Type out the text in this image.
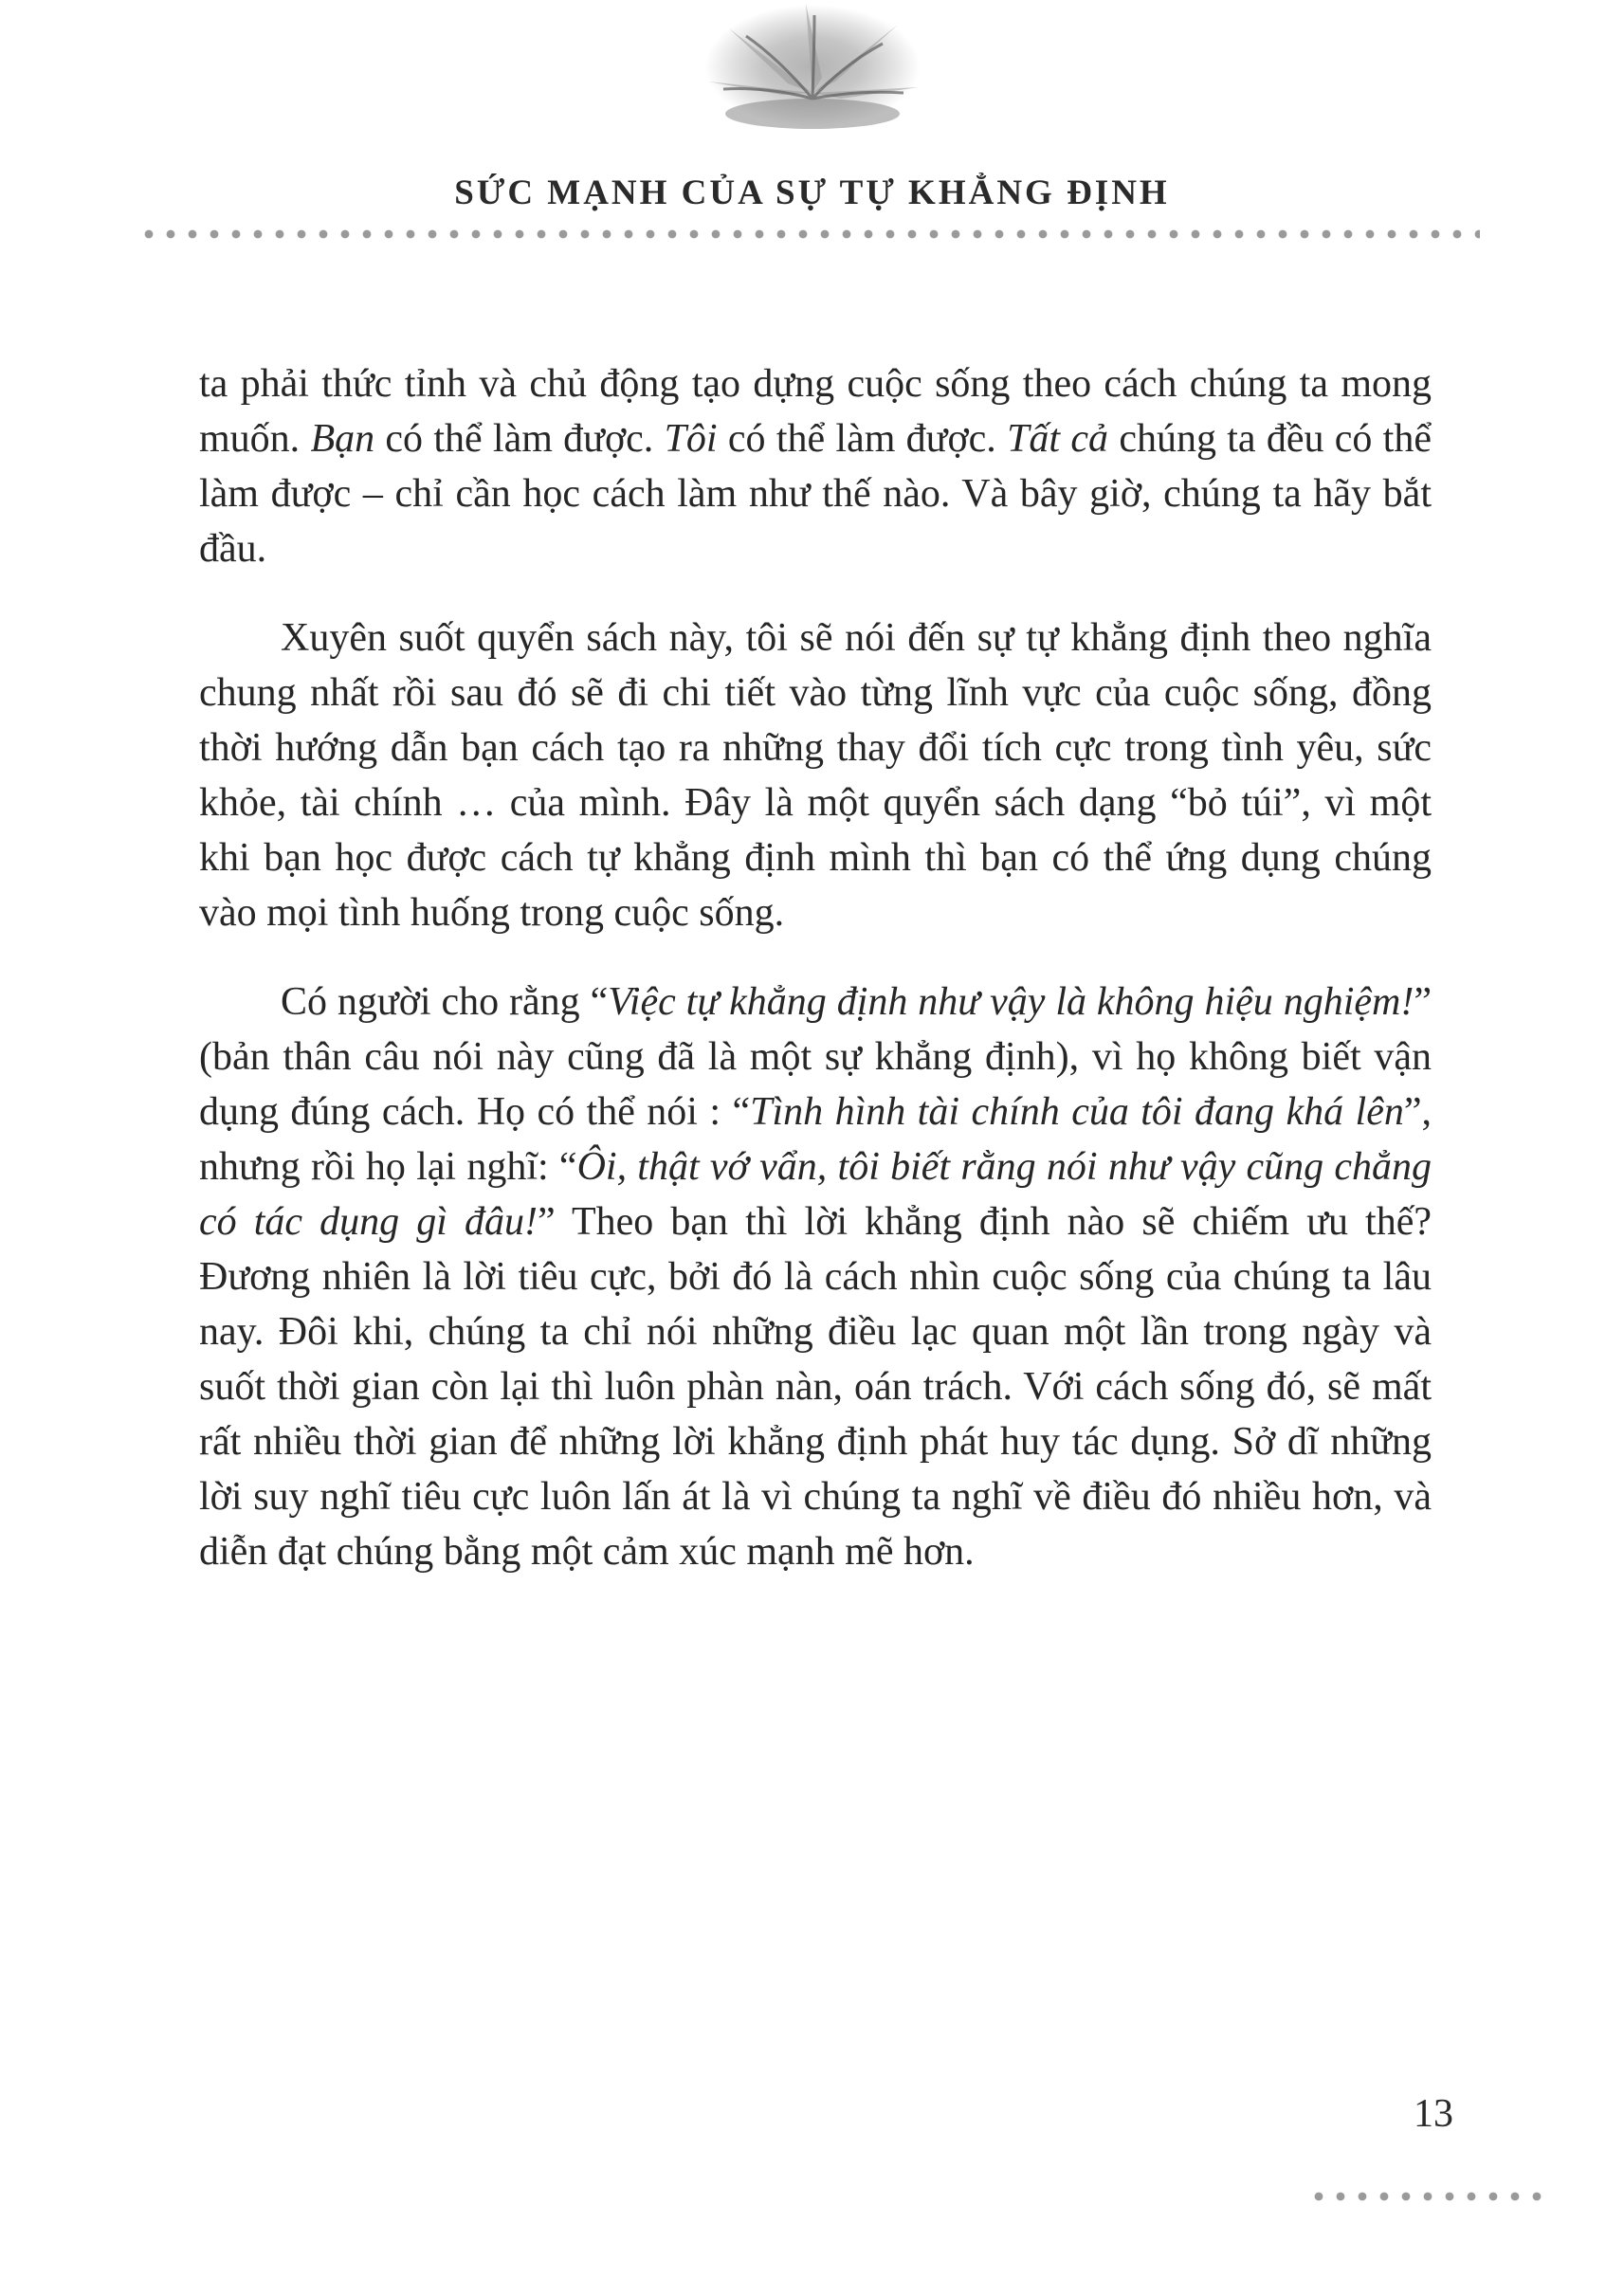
SỨC MẠNH CỦA SỰ TỰ KHẲNG ĐỊNH

ta phải thức tỉnh và chủ động tạo dựng cuộc sống theo cách chúng ta mong muốn. Bạn có thể làm được. Tôi có thể làm được. Tất cả chúng ta đều có thể làm được – chỉ cần học cách làm như thế nào. Và bây giờ, chúng ta hãy bắt đầu.

Xuyên suốt quyển sách này, tôi sẽ nói đến sự tự khẳng định theo nghĩa chung nhất rồi sau đó sẽ đi chi tiết vào từng lĩnh vực của cuộc sống, đồng thời hướng dẫn bạn cách tạo ra những thay đổi tích cực trong tình yêu, sức khỏe, tài chính … của mình. Đây là một quyển sách dạng “bỏ túi”, vì một khi bạn học được cách tự khẳng định mình thì bạn có thể ứng dụng chúng vào mọi tình huống trong cuộc sống.

Có người cho rằng “Việc tự khẳng định như vậy là không hiệu nghiệm!” (bản thân câu nói này cũng đã là một sự khẳng định), vì họ không biết vận dụng đúng cách. Họ có thể nói : “Tình hình tài chính của tôi đang khá lên”, nhưng rồi họ lại nghĩ: “Ôi, thật vớ vẩn, tôi biết rằng nói như vậy cũng chẳng có tác dụng gì đâu!” Theo bạn thì lời khẳng định nào sẽ chiếm ưu thế? Đương nhiên là lời tiêu cực, bởi đó là cách nhìn cuộc sống của chúng ta lâu nay. Đôi khi, chúng ta chỉ nói những điều lạc quan một lần trong ngày và suốt thời gian còn lại thì luôn phàn nàn, oán trách. Với cách sống đó, sẽ mất rất nhiều thời gian để những lời khẳng định phát huy tác dụng. Sở dĩ những lời suy nghĩ tiêu cực luôn lấn át là vì chúng ta nghĩ về điều đó nhiều hơn, và diễn đạt chúng bằng một cảm xúc mạnh mẽ hơn.

13
